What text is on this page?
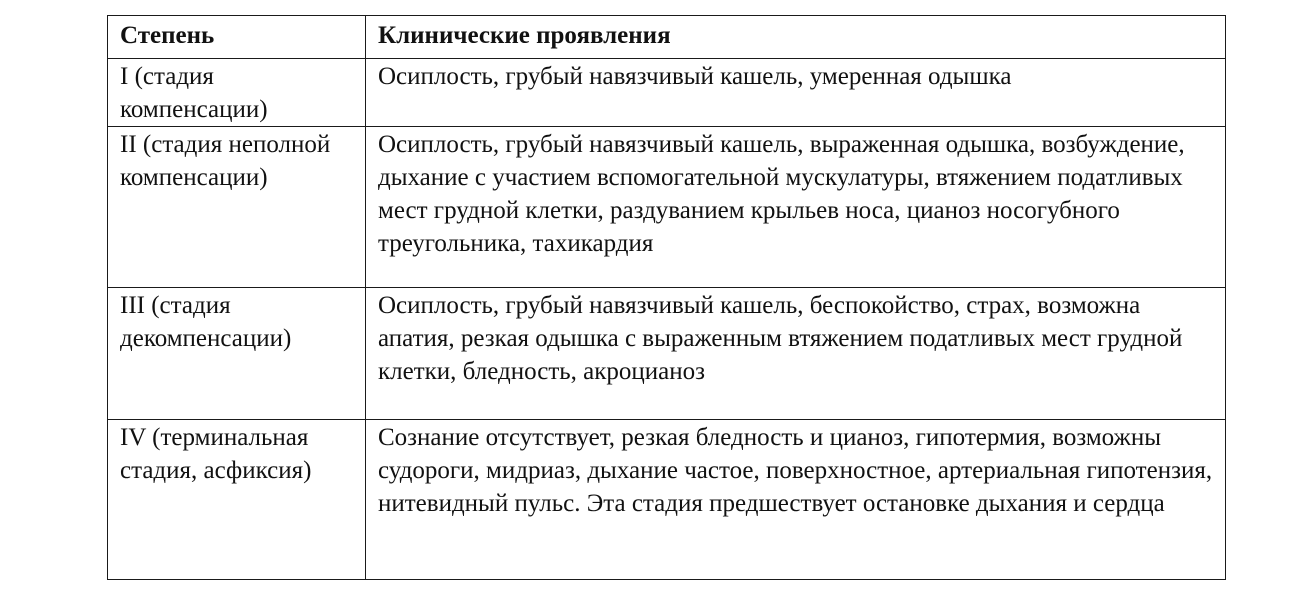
Степень	Клинические проявления
I (стадия компенсации)	Осиплость, грубый навязчивый кашель, умеренная одышка
II (стадия неполной компенсации)	Осиплость, грубый навязчивый кашель, выраженная одышка, возбуждение, дыхание с участием вспомогательной мускулатуры, втяжением податливых мест грудной клетки, раздуванием крыльев носа, цианоз носогубного треугольника, тахикардия
III (стадия декомпенсации)	Осиплость, грубый навязчивый кашель, беспокойство, страх, возможна апатия, резкая одышка с выраженным втяжением податливых мест грудной клетки, бледность, акроцианоз
IV (терминальная стадия, асфиксия)	Сознание отсутствует, резкая бледность и цианоз, гипотермия, возможны судороги, мидриаз, дыхание частое, поверхностное, артериальная гипотензия, нитевидный пульс. Эта стадия предшествует остановке дыхания и сердца
